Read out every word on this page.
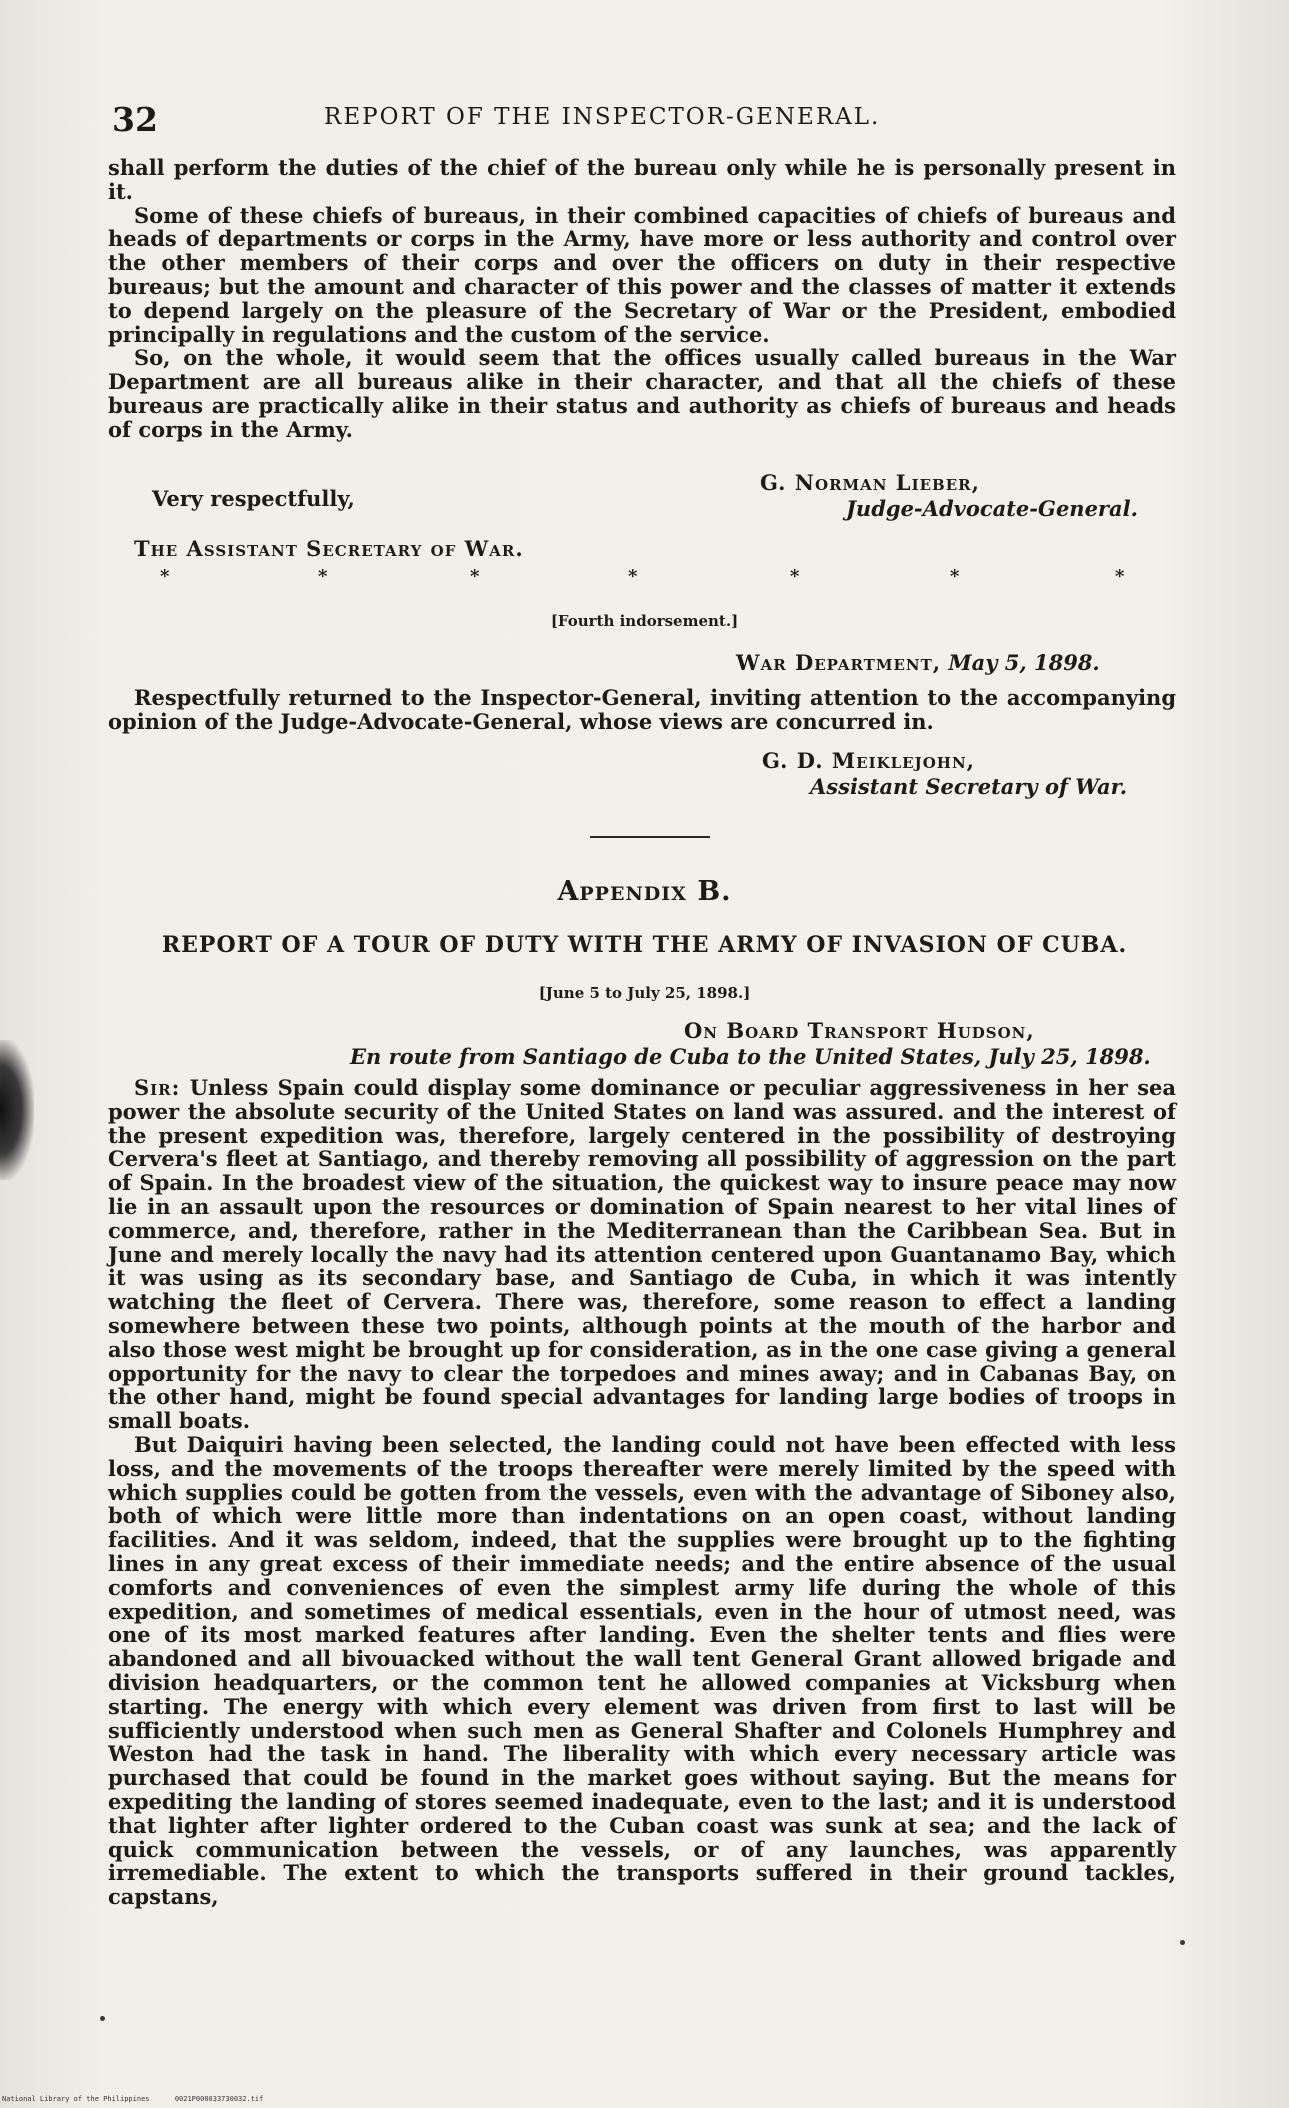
32	REPORT OF THE INSPECTOR-GENERAL.

shall perform the duties of the chief of the bureau only while he is personally present in it.

Some of these chiefs of bureaus, in their combined capacities of chiefs of bureaus and heads of departments or corps in the Army, have more or less authority and control over the other members of their corps and over the officers on duty in their respective bureaus; but the amount and character of this power and the classes of matter it extends to depend largely on the pleasure of the Secretary of War or the President, embodied principally in regulations and the custom of the service.

So, on the whole, it would seem that the offices usually called bureaus in the War Department are all bureaus alike in their character, and that all the chiefs of these bureaus are practically alike in their status and authority as chiefs of bureaus and heads of corps in the Army.

Very respectfully,
G. Norman Lieber,
Judge-Advocate-General.
The Assistant Secretary of War.
*	*	*	*	*	*	*
[Fourth indorsement.]
War Department, May 5, 1898.

Respectfully returned to the Inspector-General, inviting attention to the accompanying opinion of the Judge-Advocate-General, whose views are concurred in.

G. D. Meiklejohn,
Assistant Secretary of War.
Appendix B.
REPORT OF A TOUR OF DUTY WITH THE ARMY OF INVASION OF CUBA.
[June 5 to July 25, 1898.]
On Board Transport Hudson,
En route from Santiago de Cuba to the United States, July 25, 1898.

Sir: Unless Spain could display some dominance or peculiar aggressiveness in her sea power the absolute security of the United States on land was assured. and the interest of the present expedition was, therefore, largely centered in the possibility of destroying Cervera's fleet at Santiago, and thereby removing all possibility of aggression on the part of Spain. In the broadest view of the situation, the quickest way to insure peace may now lie in an assault upon the resources or domination of Spain nearest to her vital lines of commerce, and, therefore, rather in the Mediterranean than the Caribbean Sea. But in June and merely locally the navy had its attention centered upon Guantanamo Bay, which it was using as its secondary base, and Santiago de Cuba, in which it was intently watching the fleet of Cervera. There was, therefore, some reason to effect a landing somewhere between these two points, although points at the mouth of the harbor and also those west might be brought up for consideration, as in the one case giving a general opportunity for the navy to clear the torpedoes and mines away; and in Cabanas Bay, on the other hand, might be found special advantages for landing large bodies of troops in small boats.

But Daiquiri having been selected, the landing could not have been effected with less loss, and the movements of the troops thereafter were merely limited by the speed with which supplies could be gotten from the vessels, even with the advantage of Siboney also, both of which were little more than indentations on an open coast, without landing facilities. And it was seldom, indeed, that the supplies were brought up to the fighting lines in any great excess of their immediate needs; and the entire absence of the usual comforts and conveniences of even the simplest army life during the whole of this expedition, and sometimes of medical essentials, even in the hour of utmost need, was one of its most marked features after landing. Even the shelter tents and flies were abandoned and all bivouacked without the wall tent General Grant allowed brigade and division headquarters, or the common tent he allowed companies at Vicksburg when starting. The energy with which every element was driven from first to last will be sufficiently understood when such men as General Shafter and Colonels Humphrey and Weston had the task in hand. The liberality with which every necessary article was purchased that could be found in the market goes without saying. But the means for expediting the landing of stores seemed inadequate, even to the last; and it is understood that lighter after lighter ordered to the Cuban coast was sunk at sea; and the lack of quick communication between the vessels, or of any launches, was apparently irremediable. The extent to which the transports suffered in their ground tackles, capstans,

National Library of the Philippines	0021P000033730032.tif
